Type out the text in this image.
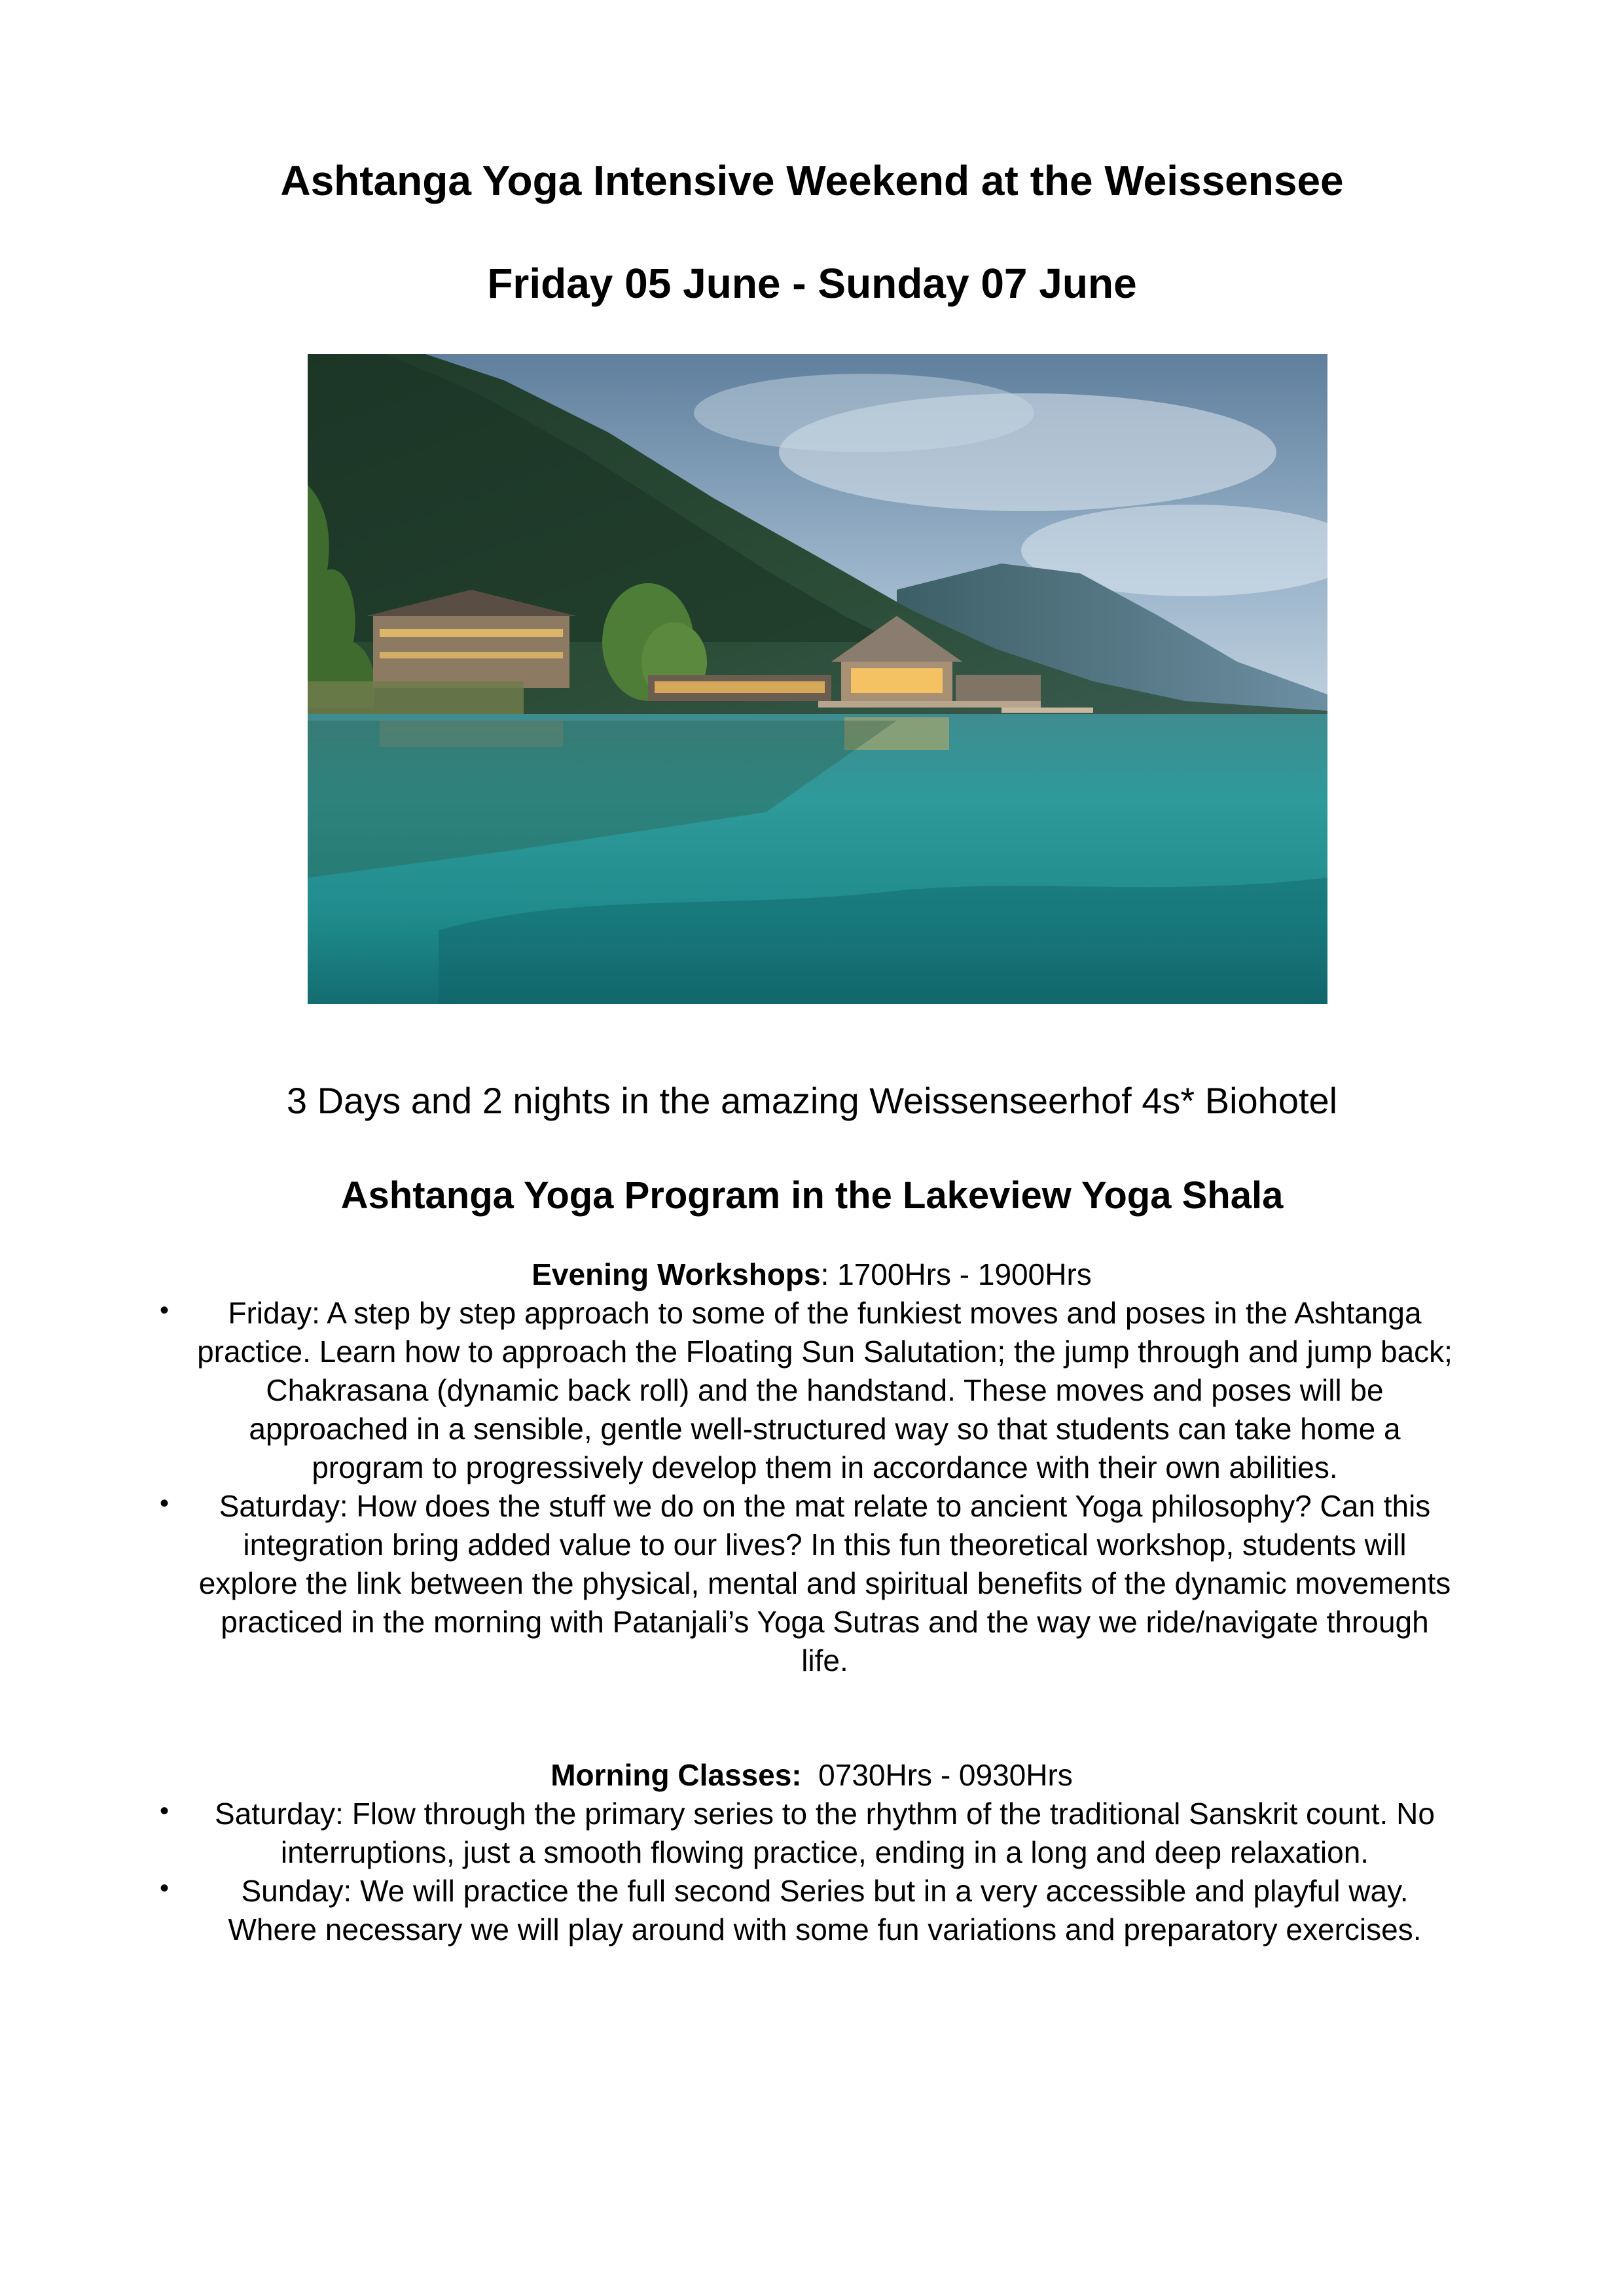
Ashtanga Yoga Intensive Weekend at the Weissensee
Friday 05 June - Sunday 07 June
3 Days and 2 nights in the amazing Weissenseerhof 4s* Biohotel
Ashtanga Yoga Program in the Lakeview Yoga Shala
Evening Workshops: 1700Hrs - 1900Hrs
• Friday: A step by step approach to some of the funkiest moves and poses in the Ashtanga practice. Learn how to approach the Floating Sun Salutation; the jump through and jump back; Chakrasana (dynamic back roll) and the handstand. These moves and poses will be approached in a sensible, gentle well-structured way so that students can take home a program to progressively develop them in accordance with their own abilities.
• Saturday: How does the stuff we do on the mat relate to ancient Yoga philosophy? Can this integration bring added value to our lives? In this fun theoretical workshop, students will explore the link between the physical, mental and spiritual benefits of the dynamic movements practiced in the morning with Patanjali’s Yoga Sutras and the way we ride/navigate through life.
Morning Classes:  0730Hrs - 0930Hrs
• Saturday: Flow through the primary series to the rhythm of the traditional Sanskrit count. No interruptions, just a smooth flowing practice, ending in a long and deep relaxation.
• Sunday: We will practice the full second Series but in a very accessible and playful way. Where necessary we will play around with some fun variations and preparatory exercises.
